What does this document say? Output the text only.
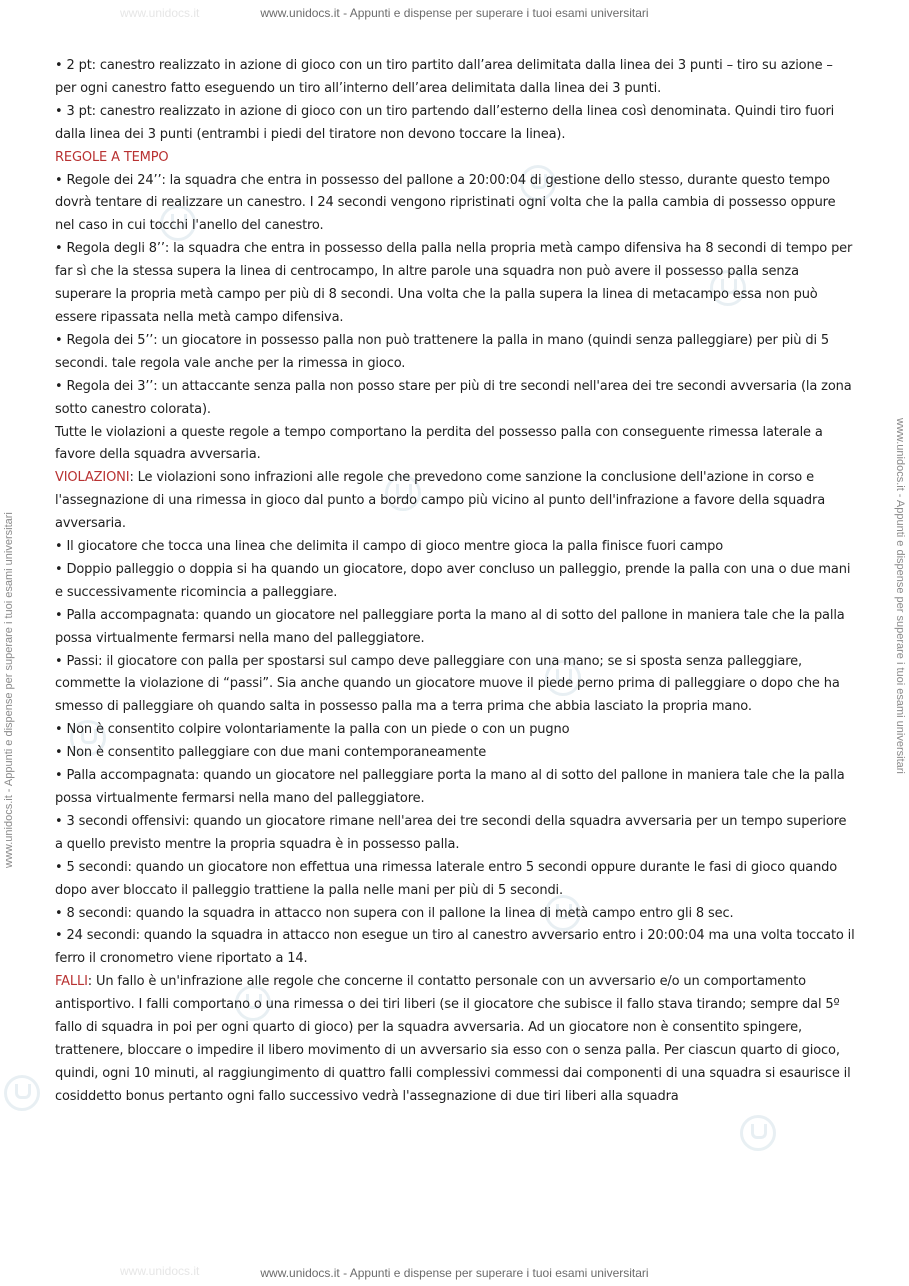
www.unidocs.it
www.unidocs.it
www.unidocs.it - Appunti e dispense per superare i tuoi esami universitari
www.unidocs.it - Appunti e dispense per superare i tuoi esami universitari	www.unidocs.it - Appunti e dispense per superare i tuoi esami universitari

• 2 pt: canestro realizzato in azione di gioco con un tiro partito dall’area delimitata dalla linea dei 3 punti – tiro su azione – per ogni canestro fatto eseguendo un tiro all’interno dell’area delimitata dalla linea dei 3 punti.

• 3 pt: canestro realizzato in azione di gioco con un tiro partendo dall’esterno della linea così denominata. Quindi tiro fuori dalla linea dei 3 punti (entrambi i piedi del tiratore non devono toccare la linea).

REGOLE A TEMPO

• Regole dei 24’’: la squadra che entra in possesso del pallone a 20:00:04 di gestione dello stesso, durante questo tempo dovrà tentare di realizzare un canestro. I 24 secondi vengono ripristinati ogni volta che la palla cambia di possesso oppure nel caso in cui tocchi l'anello del canestro.

• Regola degli 8’’: la squadra che entra in possesso della palla nella propria metà campo difensiva ha 8 secondi di tempo per far sì che la stessa supera la linea di centrocampo, In altre parole una squadra non può avere il possesso palla senza superare la propria metà campo per più di 8 secondi. Una volta che la palla supera la linea di metacampo essa non può essere ripassata nella metà campo difensiva.

• Regola dei 5’’: un giocatore in possesso palla non può trattenere la palla in mano (quindi senza palleggiare) per più di 5 secondi. tale regola vale anche per la rimessa in gioco.

• Regola dei 3’’: un attaccante senza palla non posso stare per più di tre secondi nell'area dei tre secondi avversaria (la zona sotto canestro colorata).

Tutte le violazioni a queste regole a tempo comportano la perdita del possesso palla con conseguente rimessa laterale a favore della squadra avversaria.

VIOLAZIONI: Le violazioni sono infrazioni alle regole che prevedono come sanzione la conclusione dell'azione in corso e l'assegnazione di una rimessa in gioco dal punto a bordo campo più vicino al punto dell'infrazione a favore della squadra avversaria.

• Il giocatore che tocca una linea che delimita il campo di gioco mentre gioca la palla finisce fuori campo

• Doppio palleggio o doppia si ha quando un giocatore, dopo aver concluso un palleggio, prende la palla con una o due mani e successivamente ricomincia a palleggiare.

• Palla accompagnata: quando un giocatore nel palleggiare porta la mano al di sotto del pallone in maniera tale che la palla possa virtualmente fermarsi nella mano del palleggiatore.

• Passi: il giocatore con palla per spostarsi sul campo deve palleggiare con una mano; se si sposta senza palleggiare, commette la violazione di “passi”. Sia anche quando un giocatore muove il piede perno prima di palleggiare o dopo che ha smesso di palleggiare oh quando salta in possesso palla ma a terra prima che abbia lasciato la propria mano.

• Non è consentito colpire volontariamente la palla con un piede o con un pugno

• Non è consentito palleggiare con due mani contemporaneamente

• Palla accompagnata: quando un giocatore nel palleggiare porta la mano al di sotto del pallone in maniera tale che la palla possa virtualmente fermarsi nella mano del palleggiatore.

• 3 secondi offensivi: quando un giocatore rimane nell'area dei tre secondi della squadra avversaria per un tempo superiore a quello previsto mentre la propria squadra è in possesso palla.

• 5 secondi: quando un giocatore non effettua una rimessa laterale entro 5 secondi oppure durante le fasi di gioco quando dopo aver bloccato il palleggio trattiene la palla nelle mani per più di 5 secondi.

• 8 secondi: quando la squadra in attacco non supera con il pallone la linea di metà campo entro gli 8 sec.

• 24 secondi: quando la squadra in attacco non esegue un tiro al canestro avversario entro i 20:00:04 ma una volta toccato il ferro il cronometro viene riportato a 14.

FALLI: Un fallo è un'infrazione alle regole che concerne il contatto personale con un avversario e/o un comportamento antisportivo. I falli comportano o una rimessa o dei tiri liberi (se il giocatore che subisce il fallo stava tirando; sempre dal 5º fallo di squadra in poi per ogni quarto di gioco) per la squadra avversaria. Ad un giocatore non è consentito spingere, trattenere, bloccare o impedire il libero movimento di un avversario sia esso con o senza palla. Per ciascun quarto di gioco, quindi, ogni 10 minuti, al raggiungimento di quattro falli complessivi commessi dai componenti di una squadra si esaurisce il cosiddetto bonus pertanto ogni fallo successivo vedrà l'assegnazione di due tiri liberi alla squadra

www.unidocs.it - Appunti e dispense per superare i tuoi esami universitari
